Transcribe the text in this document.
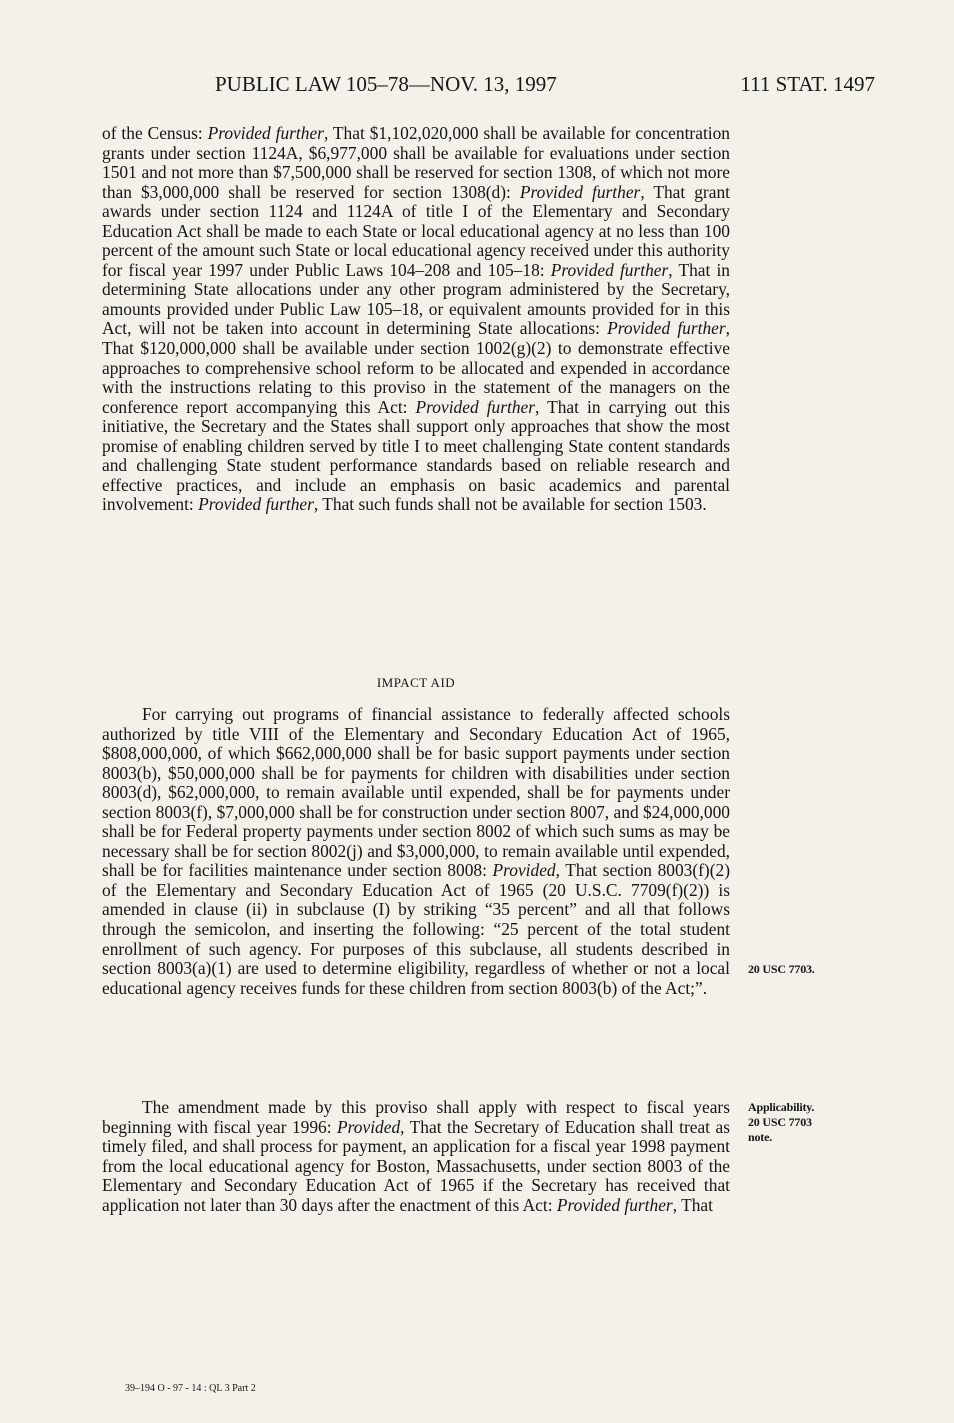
PUBLIC LAW 105–78—NOV. 13, 1997	111 STAT. 1497

of the Census: Provided further, That $1,102,020,000 shall be available for concentration grants under section 1124A, $6,977,000 shall be available for evaluations under section 1501 and not more than $7,500,000 shall be reserved for section 1308, of which not more than $3,000,000 shall be reserved for section 1308(d): Provided further, That grant awards under section 1124 and 1124A of title I of the Elementary and Secondary Education Act shall be made to each State or local educational agency at no less than 100 percent of the amount such State or local educational agency received under this authority for fiscal year 1997 under Public Laws 104–208 and 105–18: Provided further, That in determining State allocations under any other program administered by the Secretary, amounts provided under Public Law 105–18, or equivalent amounts provided for in this Act, will not be taken into account in determining State allocations: Provided further, That $120,000,000 shall be available under section 1002(g)(2) to demonstrate effective approaches to comprehensive school reform to be allocated and expended in accordance with the instructions relating to this proviso in the statement of the managers on the conference report accompanying this Act: Provided further, That in carrying out this initiative, the Secretary and the States shall support only approaches that show the most promise of enabling children served by title I to meet challenging State content standards and challenging State student performance standards based on reliable research and effective practices, and include an emphasis on basic academics and parental involvement: Provided further, That such funds shall not be available for section 1503.

IMPACT AID

For carrying out programs of financial assistance to federally affected schools authorized by title VIII of the Elementary and Secondary Education Act of 1965, $808,000,000, of which $662,000,000 shall be for basic support payments under section 8003(b), $50,000,000 shall be for payments for children with disabilities under section 8003(d), $62,000,000, to remain available until expended, shall be for payments under section 8003(f), $7,000,000 shall be for construction under section 8007, and $24,000,000 shall be for Federal property payments under section 8002 of which such sums as may be necessary shall be for section 8002(j) and $3,000,000, to remain available until expended, shall be for facilities maintenance under section 8008: Provided, That section 8003(f)(2) of the Elementary and Secondary Education Act of 1965 (20 U.S.C. 7709(f)(2)) is amended in clause (ii) in subclause (I) by striking “35 percent” and all that follows through the semicolon, and inserting the following: “25 percent of the total student enrollment of such agency. For purposes of this subclause, all students described in section 8003(a)(1) are used to determine eligibility, regardless of whether or not a local educational agency receives funds for these children from section 8003(b) of the Act;”.

The amendment made by this proviso shall apply with respect to fiscal years beginning with fiscal year 1996: Provided, That the Secretary of Education shall treat as timely filed, and shall process for payment, an application for a fiscal year 1998 payment from the local educational agency for Boston, Massachusetts, under section 8003 of the Elementary and Secondary Education Act of 1965 if the Secretary has received that application not later than 30 days after the enactment of this Act: Provided further, That

20 USC 7703.
Applicability.
20 USC 7703
note.
39–194 O - 97 - 14 : QL 3 Part 2
